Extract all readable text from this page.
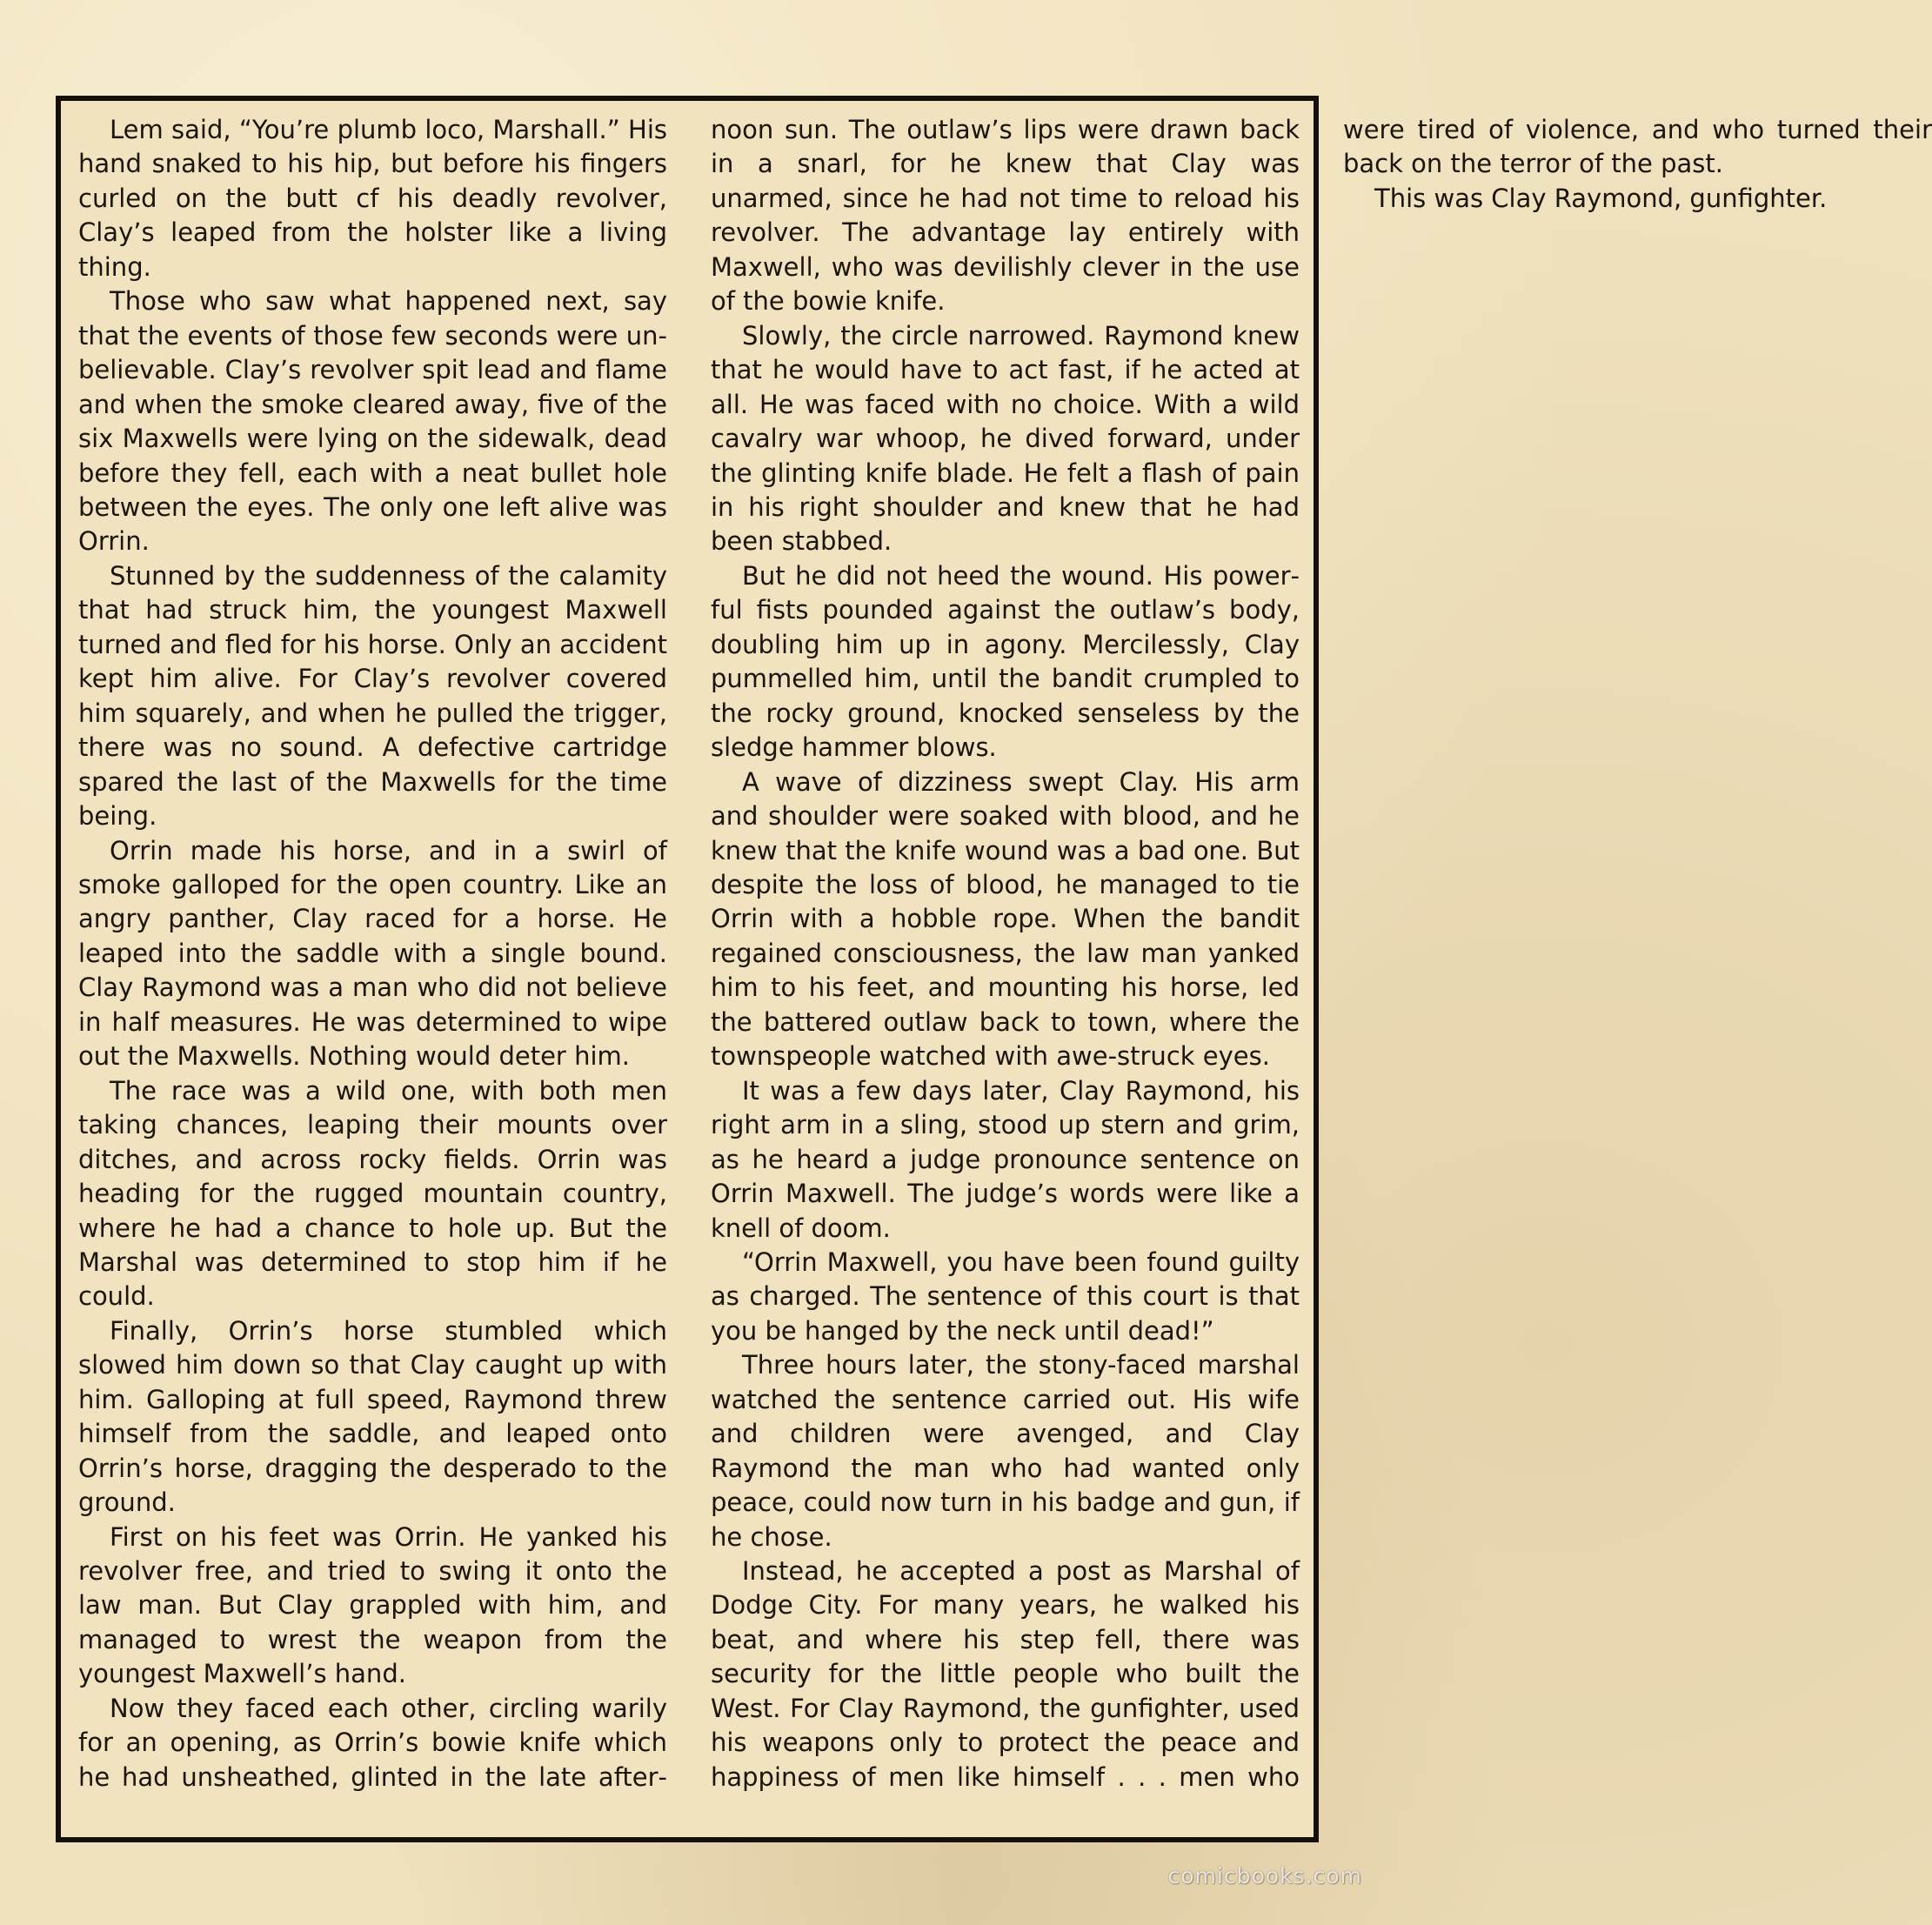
Lem said, “You’re plumb loco, Marshall.” His hand snaked to his hip, but before his fingers curled on the butt cf his deadly revolver, Clay’s leaped from the holster like a living thing.

Those who saw what happened next, say that the events of those few seconds were unbelievable. Clay’s revolver spit lead and flame and when the smoke cleared away, five of the six Maxwells were lying on the sidewalk, dead before they fell, each with a neat bullet hole between the eyes. The only one left alive was Orrin.

Stunned by the suddenness of the calamity that had struck him, the youngest Maxwell turned and fled for his horse. Only an accident kept him alive. For Clay’s revolver covered him squarely, and when he pulled the trigger, there was no sound. A defective cartridge spared the last of the Maxwells for the time being.

Orrin made his horse, and in a swirl of smoke galloped for the open country. Like an angry panther, Clay raced for a horse. He leaped into the saddle with a single bound. Clay Raymond was a man who did not believe in half measures. He was determined to wipe out the Maxwells. Nothing would deter him.

The race was a wild one, with both men taking chances, leaping their mounts over ditches, and across rocky fields. Orrin was heading for the rugged mountain country, where he had a chance to hole up. But the Marshal was determined to stop him if he could.

Finally, Orrin’s horse stumbled which slowed him down so that Clay caught up with him. Galloping at full speed, Raymond threw himself from the saddle, and leaped onto Orrin’s horse, dragging the desperado to the ground.

First on his feet was Orrin. He yanked his revolver free, and tried to swing it onto the law man. But Clay grappled with him, and managed to wrest the weapon from the youngest Maxwell’s hand.

Now they faced each other, circling warily for an opening, as Orrin’s bowie knife which he had unsheathed, glinted in the late afternoon sun. The outlaw’s lips were drawn back in a snarl, for he knew that Clay was unarmed, since he had not time to reload his revolver. The advantage lay entirely with Maxwell, who was devilishly clever in the use of the bowie knife.

Slowly, the circle narrowed. Raymond knew that he would have to act fast, if he acted at all. He was faced with no choice. With a wild cavalry war whoop, he dived forward, under the glinting knife blade. He felt a flash of pain in his right shoulder and knew that he had been stabbed.

But he did not heed the wound. His powerful fists pounded against the outlaw’s body, doubling him up in agony. Mercilessly, Clay pummelled him, until the bandit crumpled to the rocky ground, knocked senseless by the sledge hammer blows.

A wave of dizziness swept Clay. His arm and shoulder were soaked with blood, and he knew that the knife wound was a bad one. But despite the loss of blood, he managed to tie Orrin with a hobble rope. When the bandit regained consciousness, the law man yanked him to his feet, and mounting his horse, led the battered outlaw back to town, where the townspeople watched with awe-struck eyes.

It was a few days later, Clay Raymond, his right arm in a sling, stood up stern and grim, as he heard a judge pronounce sentence on Orrin Maxwell. The judge’s words were like a knell of doom.

“Orrin Maxwell, you have been found guilty as charged. The sentence of this court is that you be hanged by the neck until dead!”

Three hours later, the stony-faced marshal watched the sentence carried out. His wife and children were avenged, and Clay Raymond the man who had wanted only peace, could now turn in his badge and gun, if he chose.

Instead, he accepted a post as Marshal of Dodge City. For many years, he walked his beat, and where his step fell, there was security for the little people who built the West. For Clay Raymond, the gunfighter, used his weapons only to protect the peace and happiness of men like himself . . . men who were tired of violence, and who turned their back on the terror of the past.

This was Clay Raymond, gunfighter.

comicbooks.com
